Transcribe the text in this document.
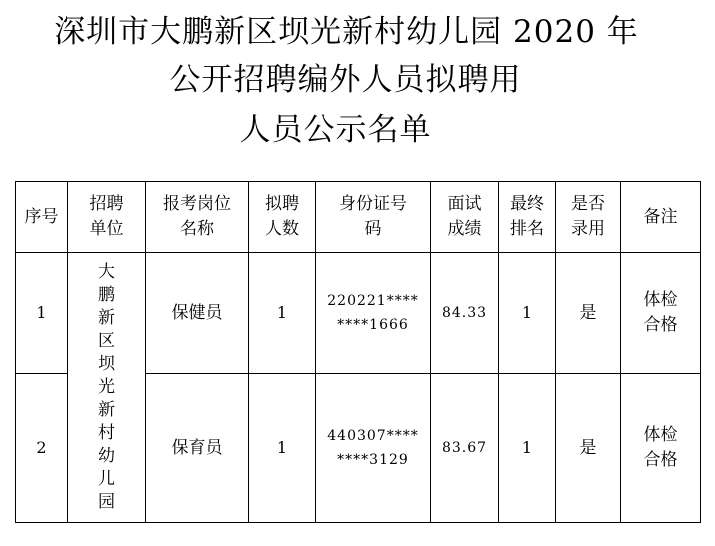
深圳市大鹏新区坝光新村幼儿园 2020 年
公开招聘编外人员拟聘用
人员公示名单
序号	招聘单位	报考岗位名称	拟聘人数	身份证号码	面试成绩	最终排名	是否录用	备注
1	大鹏新区坝光新村幼儿园	保健员	1	220221********1666	84.33	1	是	体检合格
2		保育员	1	440307********3129	83.67	1	是	体检合格
